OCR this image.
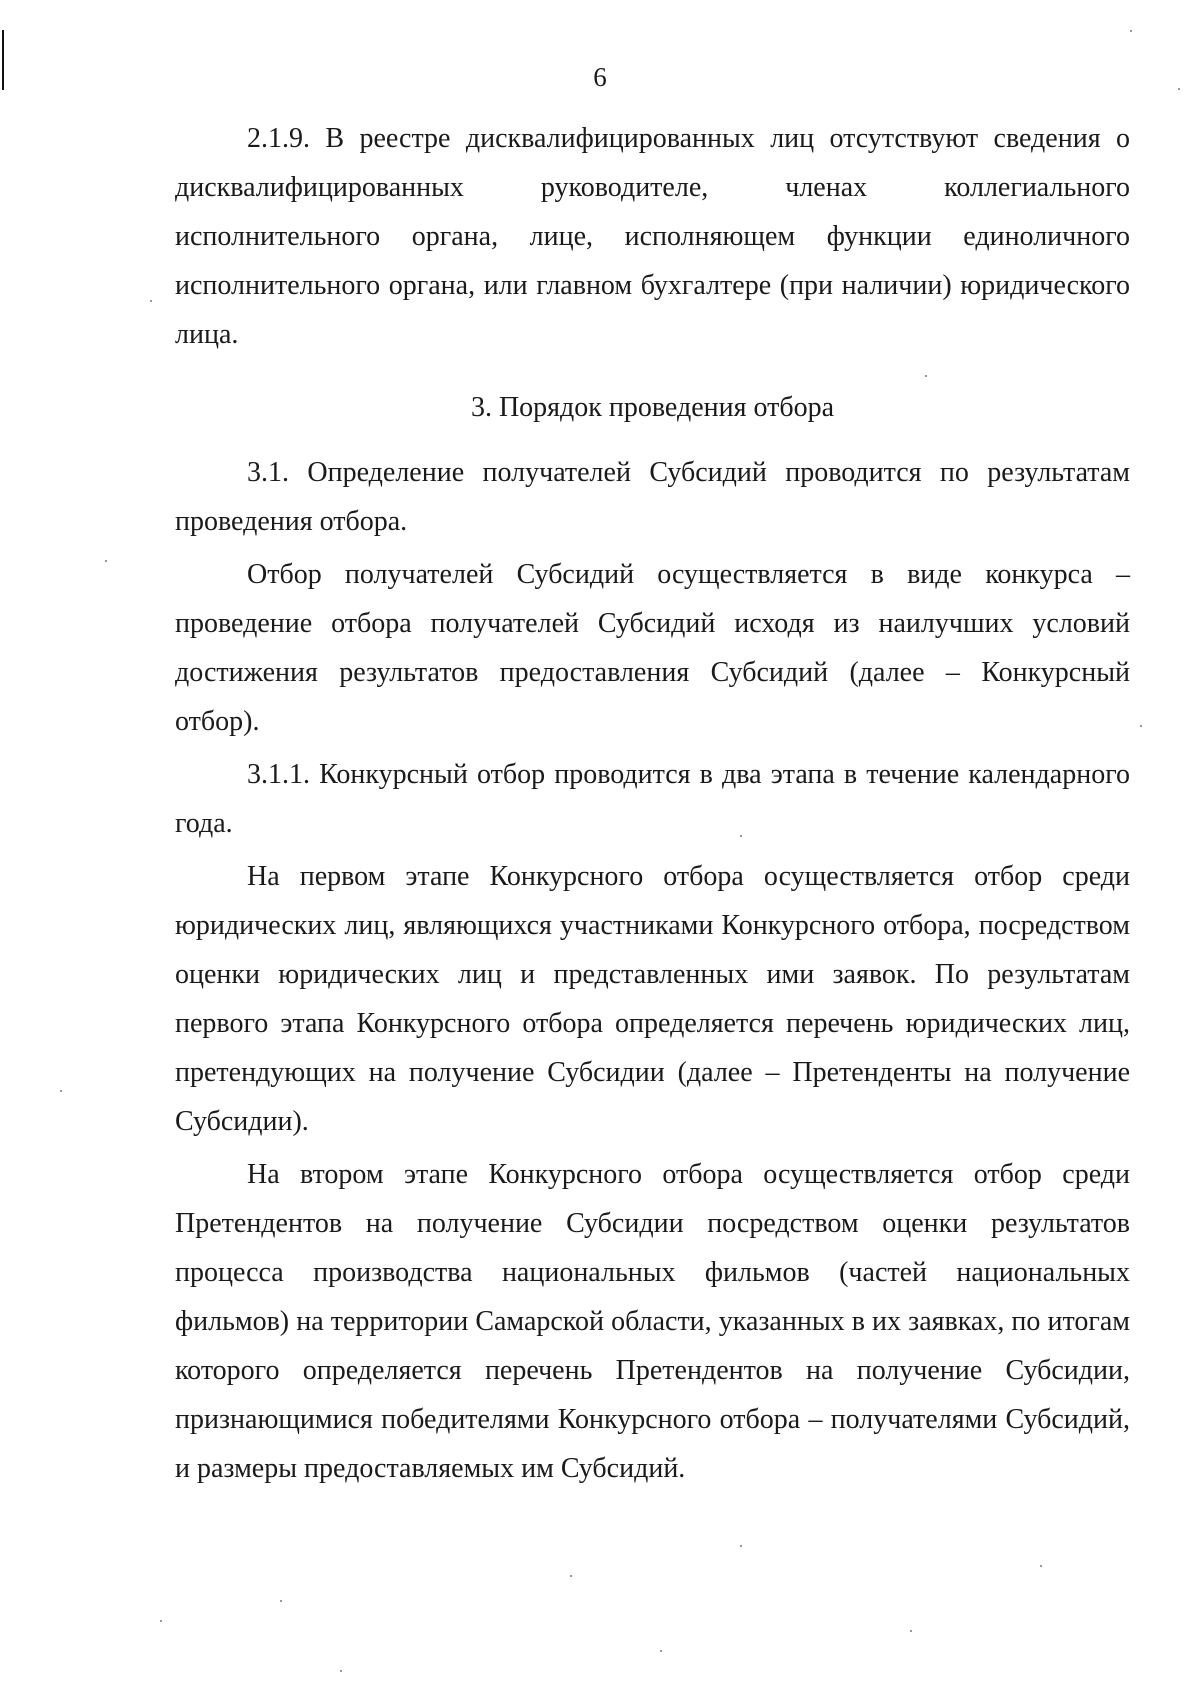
6

2.1.9. В реестре дисквалифицированных лиц отсутствуют сведения о дисквалифицированных руководителе, членах коллегиального исполнительного органа, лице, исполняющем функции единоличного исполнительного органа, или главном бухгалтере (при наличии) юридического лица.

3. Порядок проведения отбора

3.1. Определение получателей Субсидий проводится по результатам проведения отбора.

Отбор получателей Субсидий осуществляется в виде конкурса – проведение отбора получателей Субсидий исходя из наилучших условий достижения результатов предоставления Субсидий (далее – Конкурсный отбор).

3.1.1. Конкурсный отбор проводится в два этапа в течение календарного года.

На первом этапе Конкурсного отбора осуществляется отбор среди юридических лиц, являющихся участниками Конкурсного отбора, посредством оценки юридических лиц и представленных ими заявок. По результатам первого этапа Конкурсного отбора определяется перечень юридических лиц, претендующих на получение Субсидии (далее – Претенденты на получение Субсидии).

На втором этапе Конкурсного отбора осуществляется отбор среди Претендентов на получение Субсидии посредством оценки результатов процесса производства национальных фильмов (частей национальных фильмов) на территории Самарской области, указанных в их заявках, по итогам которого определяется перечень Претендентов на получение Субсидии, признающимися победителями Конкурсного отбора – получателями Субсидий, и размеры предоставляемых им Субсидий.
